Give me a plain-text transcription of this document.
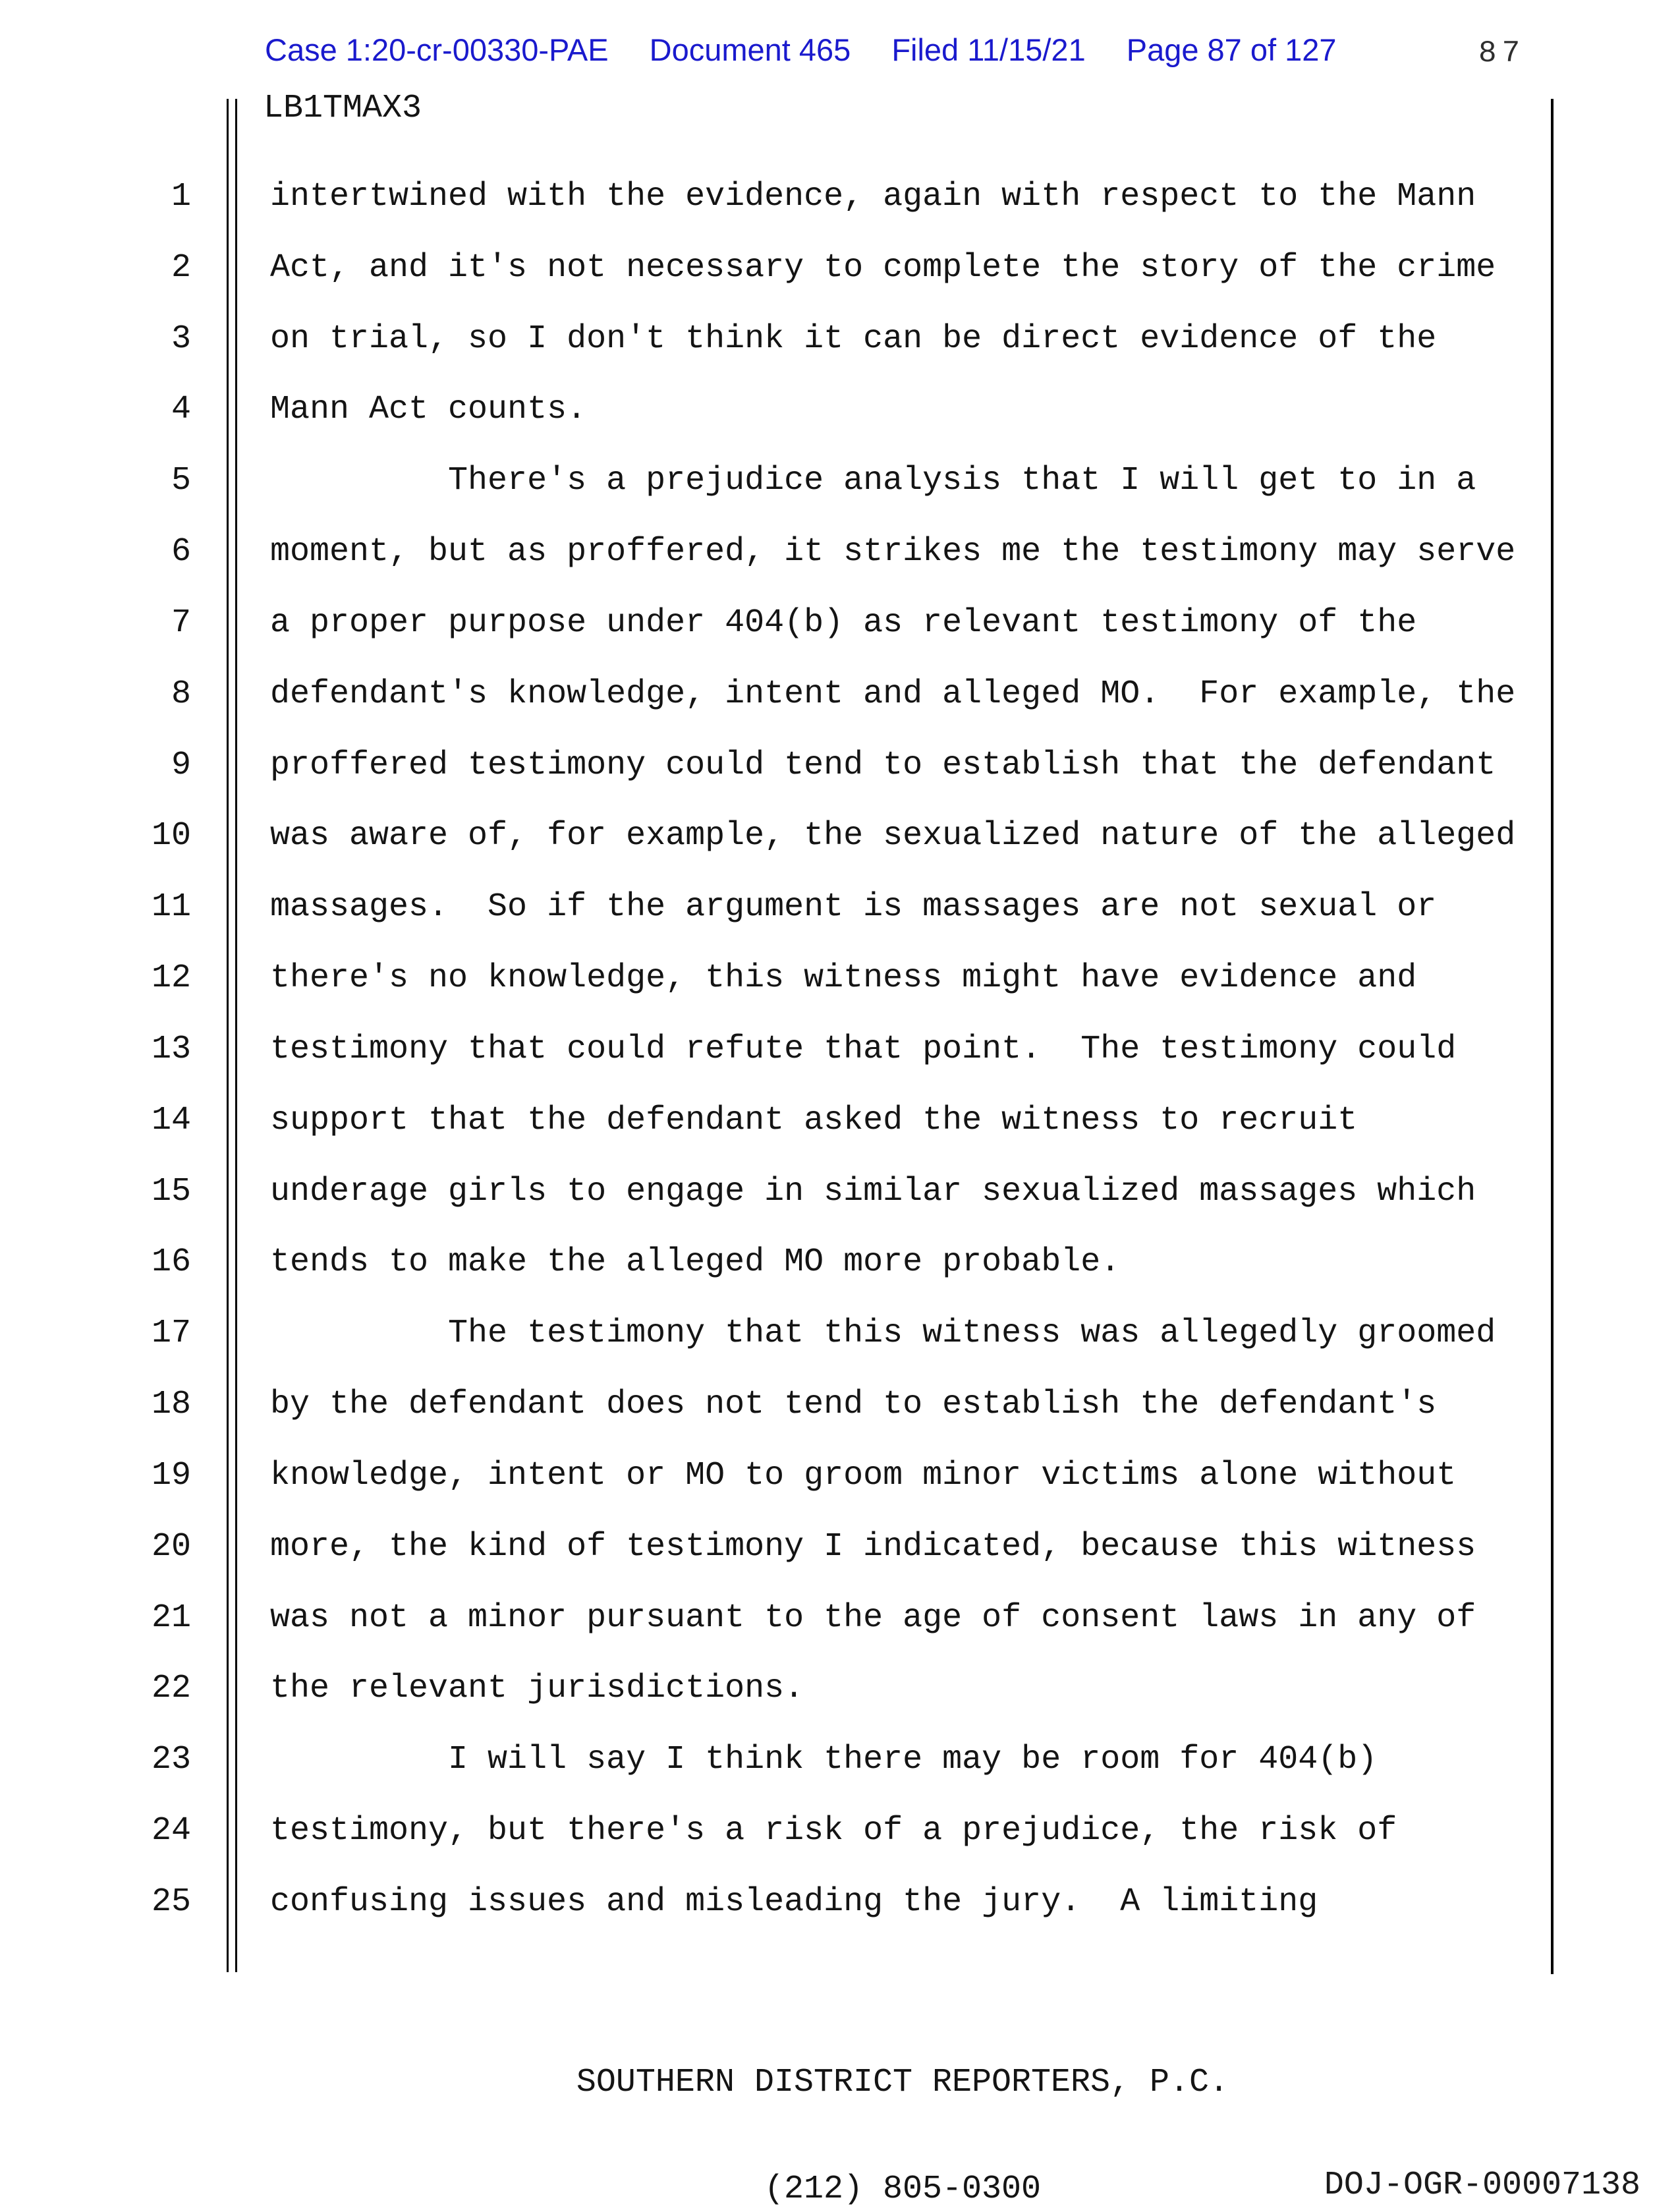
Case 1:20-cr-00330-PAE Document 465 Filed 11/15/21 Page 87 of 127	87
LB1TMAX3
1 intertwined with the evidence, again with respect to the Mann
2 Act, and it's not necessary to complete the story of the crime
3 on trial, so I don't think it can be direct evidence of the
4 Mann Act counts.
5 There's a prejudice analysis that I will get to in a
6 moment, but as proffered, it strikes me the testimony may serve
7 a proper purpose under 404(b) as relevant testimony of the
8 defendant's knowledge, intent and alleged MO.  For example, the
9 proffered testimony could tend to establish that the defendant
10 was aware of, for example, the sexualized nature of the alleged
11 massages.  So if the argument is massages are not sexual or
12 there's no knowledge, this witness might have evidence and
13 testimony that could refute that point.  The testimony could
14 support that the defendant asked the witness to recruit
15 underage girls to engage in similar sexualized massages which
16 tends to make the alleged MO more probable.
17 The testimony that this witness was allegedly groomed
18 by the defendant does not tend to establish the defendant's
19 knowledge, intent or MO to groom minor victims alone without
20 more, the kind of testimony I indicated, because this witness
21 was not a minor pursuant to the age of consent laws in any of
22 the relevant jurisdictions.
23 I will say I think there may be room for 404(b)
24 testimony, but there's a risk of a prejudice, the risk of
25 confusing issues and misleading the jury.  A limiting

SOUTHERN DISTRICT REPORTERS, P.C.

(212) 805-0300

	DOJ-OGR-00007138
